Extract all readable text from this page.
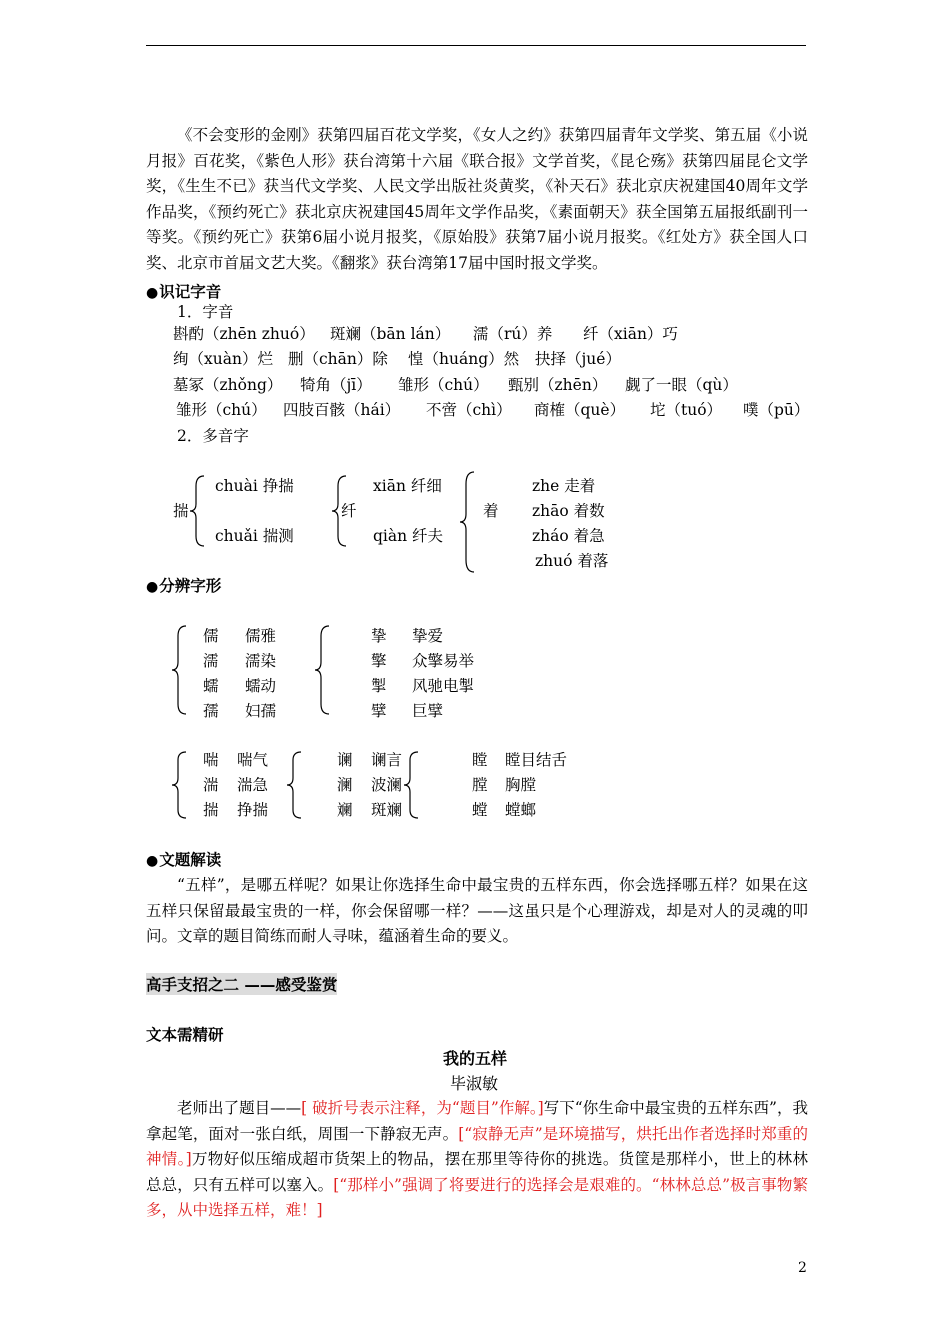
《不会变形的金刚》获第四届百花文学奖，《女人之约》获第四届青年文学奖、第五届《小说月报》百花奖，《紫色人形》获台湾第十六届《联合报》文学首奖，《昆仑殇》获第四届昆仑文学奖，《生生不已》获当代文学奖、人民文学出版社炎黄奖，《补天石》获北京庆祝建国40周年文学作品奖，《预约死亡》获北京庆祝建国45周年文学作品奖，《素面朝天》获全国第五届报纸副刊一等奖。《预约死亡》获第6届小说月报奖，《原始股》获第7届小说月报奖。《红处方》获全国人口奖、北京市首届文艺大奖。《翻浆》获台湾第17届中国时报文学奖。

●识记字音
1．字音
斟酌（zhēn zhuó） 斑斓（bān lán） 濡（rú）养 纤（xiān）巧
绚（xuàn）烂 删（chān）除 惶（huáng）然 抉择（jué）
墓冢（zhǒng） 犄角（jī） 雏形（chú） 甄别（zhēn） 觑了一眼（qù）
雏形（chú） 四肢百骸（hái） 不啻（chì） 商榷（què） 坨（tuó） 噗（pū）
2．多音字
揣
chuài 挣揣
chuǎi 揣测
纤
xiān 纤细
qiàn 纤夫
着
zhe 走着
zhāo 着数
zháo 着急
zhuó 着落
●分辨字形
儒 儒雅
濡 濡染
蠕 蠕动
孺 妇孺
挚 挚爱
擎 众擎易举
掣 风驰电掣
擘 巨擘
喘 喘气
湍 湍急
揣 挣揣
谰 谰言
澜 波澜
斓 斑斓
瞠 瞠目结舌
膛 胸膛
螳 螳螂
●文题解读

“五样”，是哪五样呢？如果让你选择生命中最宝贵的五样东西，你会选择哪五样？如果在这五样只保留最最宝贵的一样，你会保留哪一样？——这虽只是个心理游戏，却是对人的灵魂的叩问。文章的题目简练而耐人寻味，蕴涵着生命的要义。

高手支招之二 ——感受鉴赏
文本需精研
我的五样
毕淑敏

老师出了题目——[ 破折号表示注释，为“题目”作解。]写下“你生命中最宝贵的五样东西”，我拿起笔，面对一张白纸，周围一下静寂无声。[“寂静无声”是环境描写，烘托出作者选择时郑重的神情。]万物好似压缩成超市货架上的物品，摆在那里等待你的挑选。货筐是那样小，世上的林林总总，只有五样可以塞入。[“那样小”强调了将要进行的选择会是艰难的。“林林总总”极言事物繁多，从中选择五样，难！]

2
